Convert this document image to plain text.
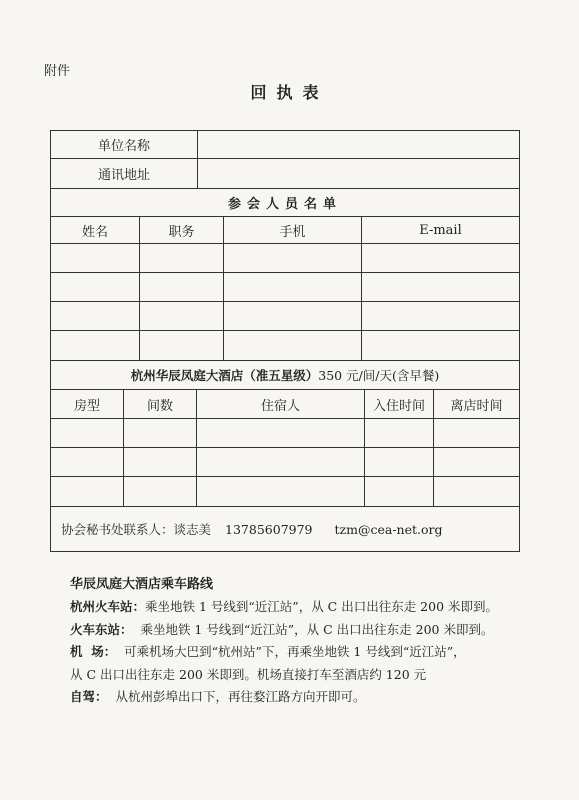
附件
回执表
单位名称
通讯地址
参会人员名单
姓名	职务	手机	E-mail
杭州华辰凤庭大酒店（准五星级） 350 元/间/天(含早餐)
房型	间数	住宿人	入住时间	离店时间
协会秘书处联系人： 谈志美 13785607979 tzm@cea-net.org
华辰凤庭大酒店乘车路线

杭州火车站：乘坐地铁 1 号线到“近江站”，从 C 出口出往东走 200 米即到。

火车东站：  乘坐地铁 1 号线到“近江站”，从 C 出口出往东走 200 米即到。

机  场：  可乘机场大巴到“杭州站”下，再乘坐地铁 1 号线到“近江站”，

从 C 出口出往东走 200 米即到。机场直接打车至酒店约 120 元

自驾：  从杭州彭埠出口下，再往婺江路方向开即可。
